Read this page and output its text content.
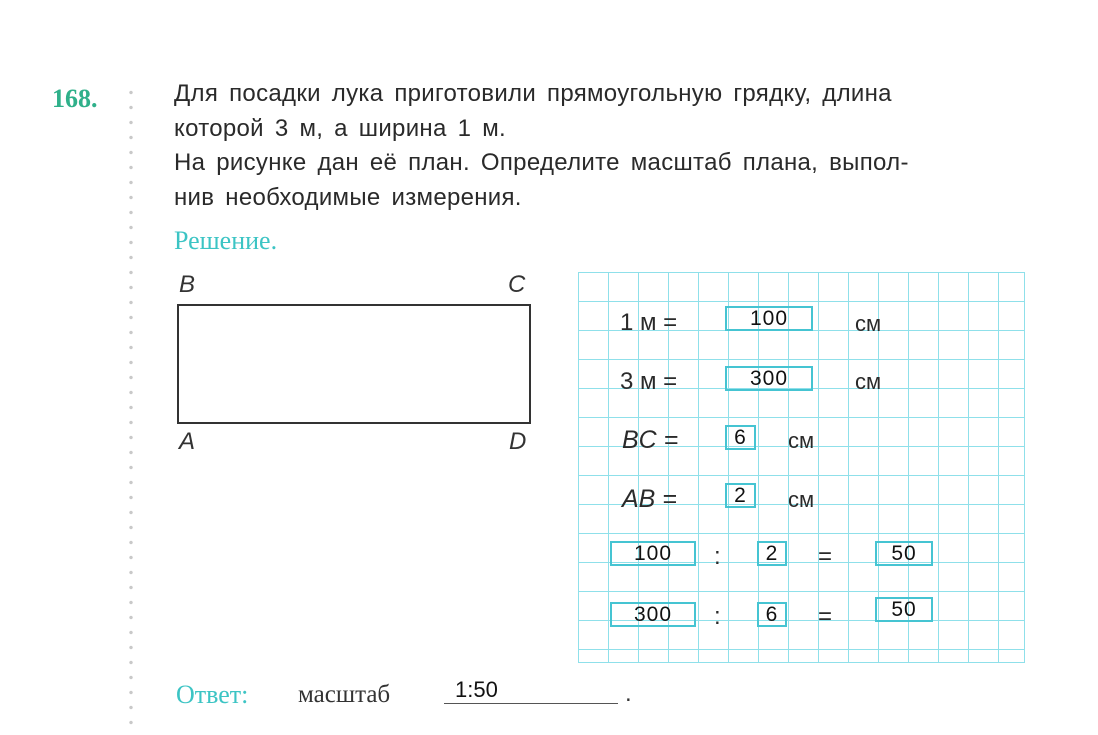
168.	Для посадки лука приготовили прямоугольную грядку, длина
которой 3 м, а ширина 1 м.
На рисунке дан её план. Определите масштаб плана, выпол-
нив необходимые измерения.
Решение.
B	C
A	D
1 м =	100	см
3 м =	300	см
BC =	6	см
AB =	2	см
100	:	2	=	50
300	:	6	=	50
Ответ: масштаб	1:50	.
